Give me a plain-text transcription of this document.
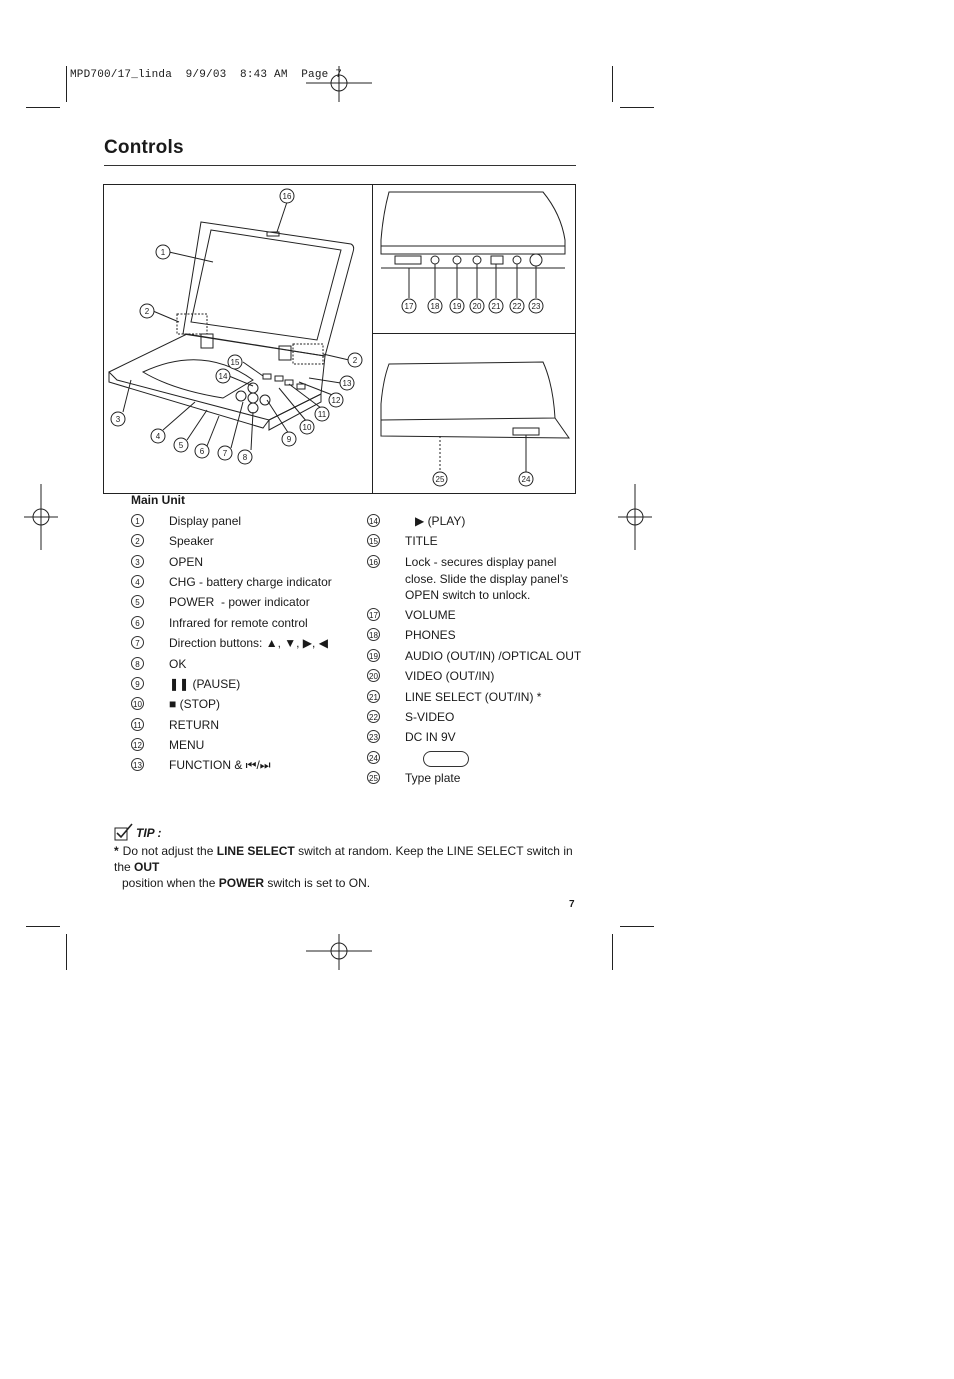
MPD700/17_linda  9/9/03  8:43 AM  Page 7
Controls
1
2
3
4
5
6 7 8
9
10
11
12
13
14
15
16
2
17 18 19 20 21 22 23
25	24
Main Unit
1	Display panel
2	Speaker
3	OPEN
4	CHG - battery charge indicator
5	POWER  - power indicator
6	Infrared for remote control
7	Direction buttons: ▲, ▼, ▶, ◀
8	OK
9	❚❚ (PAUSE)
10 ■ (STOP)
11 RETURN
12 MENU
13 FUNCTION & ⏮/⏭
14 ▶ (PLAY)
15 TITLE
16 Lock - secures display panel
close. Slide the display panel’s
OPEN switch to unlock.
17 VOLUME
18 PHONES
19 AUDIO (OUT/IN) /OPTICAL OUT
20 VIDEO (OUT/IN)
21 LINE SELECT (OUT/IN) *
22 S-VIDEO
23 DC IN 9V
24
25 Type plate
TIP :
* Do not adjust the LINE SELECT switch at random. Keep the LINE SELECT switch in the OUT
position when the POWER switch is set to ON.
7
